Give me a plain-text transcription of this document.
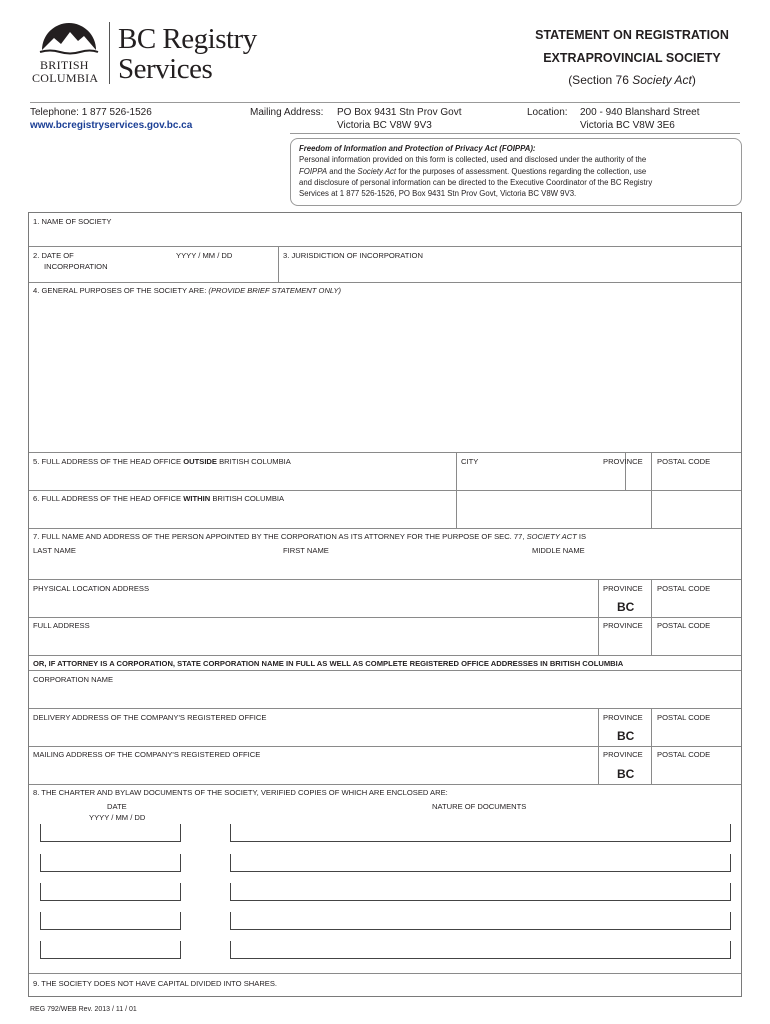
BRITISH
COLUMBIA
BC Registry
Services
STATEMENT ON REGISTRATION
EXTRAPROVINCIAL SOCIETY
(Section 76 Society Act)
Telephone: 1 877 526-1526
www.bcregistryservices.gov.bc.ca
Mailing Address: PO Box 9431 Stn Prov Govt
Victoria BC V8W 9V3
Location: 200 - 940 Blanshard Street
Victoria BC V8W 3E6
Freedom of Information and Protection of Privacy Act (FOIPPA):
Personal information provided on this form is collected, used and disclosed under the authority of the
FOIPPA and the Society Act for the purposes of assessment. Questions regarding the collection, use
and disclosure of personal information can be directed to the Executive Coordinator of the BC Registry
Services at 1 877 526-1526, PO Box 9431 Stn Prov Govt, Victoria BC V8W 9V3.
1. NAME OF SOCIETY
2. DATE OF
INCORPORATION
YYYY / MM / DD	3. JURISDICTION OF INCORPORATION
4. GENERAL PURPOSES OF THE SOCIETY ARE: (PROVIDE BRIEF STATEMENT ONLY)
5. FULL ADDRESS OF THE HEAD OFFICE OUTSIDE BRITISH COLUMBIA	CITY	PROVINCE POSTAL CODE
6. FULL ADDRESS OF THE HEAD OFFICE WITHIN BRITISH COLUMBIA
7. FULL NAME AND ADDRESS OF THE PERSON APPOINTED BY THE CORPORATION AS ITS ATTORNEY FOR THE PURPOSE OF SEC. 77, SOCIETY ACT IS
LAST NAME	FIRST NAME	MIDDLE NAME
PHYSICAL LOCATION ADDRESS	PROVINCE POSTAL CODE
BC
FULL ADDRESS	PROVINCE POSTAL CODE
OR, IF ATTORNEY IS A CORPORATION, STATE CORPORATION NAME IN FULL AS WELL AS COMPLETE REGISTERED OFFICE ADDRESSES IN BRITISH COLUMBIA
CORPORATION NAME
DELIVERY ADDRESS OF THE COMPANY'S REGISTERED OFFICE	PROVINCE POSTAL CODE
BC
MAILING ADDRESS OF THE COMPANY'S REGISTERED OFFICE	PROVINCE POSTAL CODE
BC
8. THE CHARTER AND BYLAW DOCUMENTS OF THE SOCIETY, VERIFIED COPIES OF WHICH ARE ENCLOSED ARE:
DATE
YYYY / MM / DD
NATURE OF DOCUMENTS
9. THE SOCIETY DOES NOT HAVE CAPITAL DIVIDED INTO SHARES.
REG 792/WEB Rev. 2013 / 11 / 01
